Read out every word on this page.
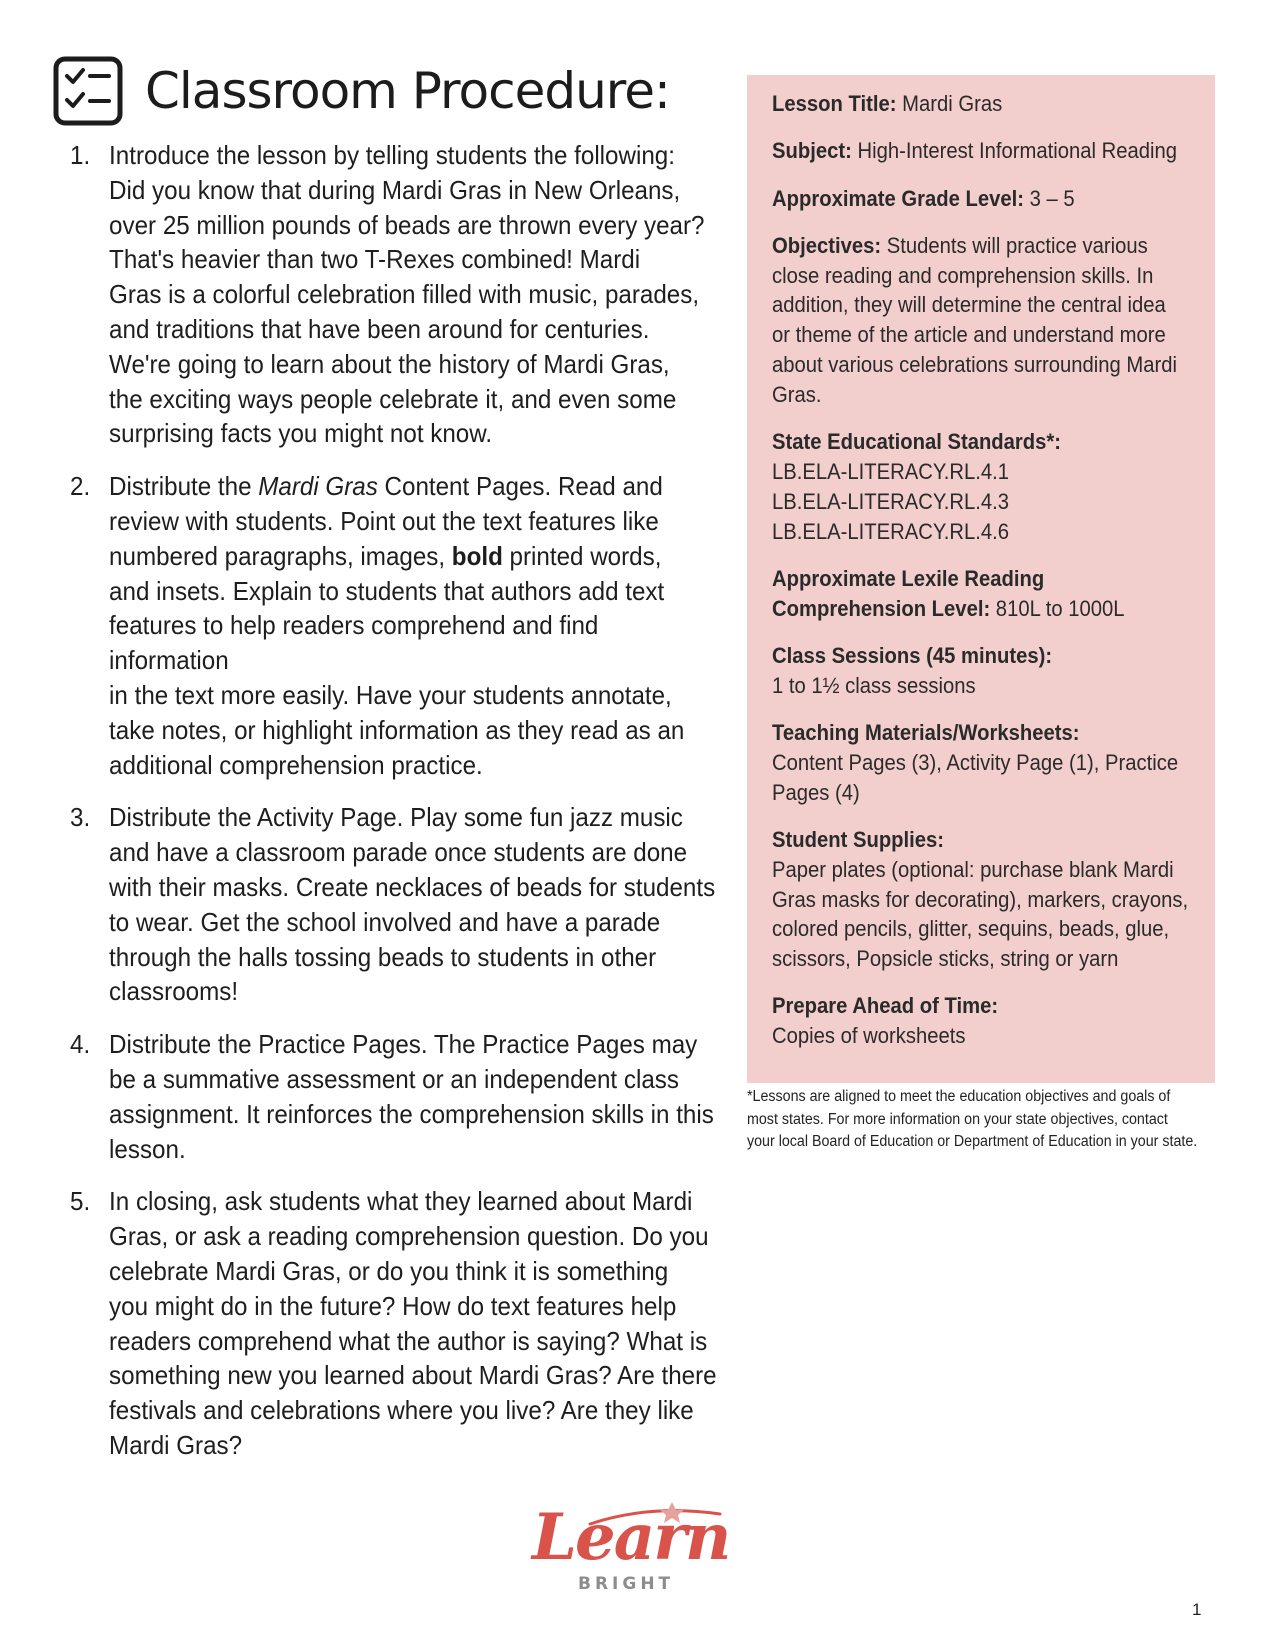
Classroom Procedure:
1. Introduce the lesson by telling students the following:
Did you know that during Mardi Gras in New Orleans,
over 25 million pounds of beads are thrown every year?
That's heavier than two T-Rexes combined! Mardi
Gras is a colorful celebration filled with music, parades,
and traditions that have been around for centuries.
We're going to learn about the history of Mardi Gras,
the exciting ways people celebrate it, and even some
surprising facts you might not know.

2. Distribute the Mardi Gras Content Pages. Read and
review with students. Point out the text features like
numbered paragraphs, images, bold printed words,
and insets. Explain to students that authors add text
features to help readers comprehend and find information
in the text more easily. Have your students annotate,
take notes, or highlight information as they read as an
additional comprehension practice.

3. Distribute the Activity Page. Play some fun jazz music
and have a classroom parade once students are done
with their masks. Create necklaces of beads for students
to wear. Get the school involved and have a parade
through the halls tossing beads to students in other
classrooms!

4. Distribute the Practice Pages. The Practice Pages may
be a summative assessment or an independent class
assignment. It reinforces the comprehension skills in this
lesson.

5. In closing, ask students what they learned about Mardi
Gras, or ask a reading comprehension question. Do you
celebrate Mardi Gras, or do you think it is something
you might do in the future? How do text features help
readers comprehend what the author is saying? What is
something new you learned about Mardi Gras? Are there
festivals and celebrations where you live? Are they like
Mardi Gras?

Lesson Title: Mardi Gras

Subject: High-Interest Informational Reading

Approximate Grade Level: 3 – 5

Objectives: Students will practice various
close reading and comprehension skills. In
addition, they will determine the central idea
or theme of the article and understand more
about various celebrations surrounding Mardi
Gras.

State Educational Standards*:
LB.ELA-LITERACY.RL.4.1
LB.ELA-LITERACY.RL.4.3
LB.ELA-LITERACY.RL.4.6

Approximate Lexile Reading
Comprehension Level: 810L to 1000L

Class Sessions (45 minutes):
1 to 1½ class sessions

Teaching Materials/Worksheets:
Content Pages (3), Activity Page (1), Practice
Pages (4)

Student Supplies:
Paper plates (optional: purchase blank Mardi
Gras masks for decorating), markers, crayons,
colored pencils, glitter, sequins, beads, glue,
scissors, Popsicle sticks, string or yarn

Prepare Ahead of Time:
Copies of worksheets

*Lessons are aligned to meet the education objectives and goals of
most states. For more information on your state objectives, contact
your local Board of Education or Department of Education in your state.

Learn
BRIGHT
1
